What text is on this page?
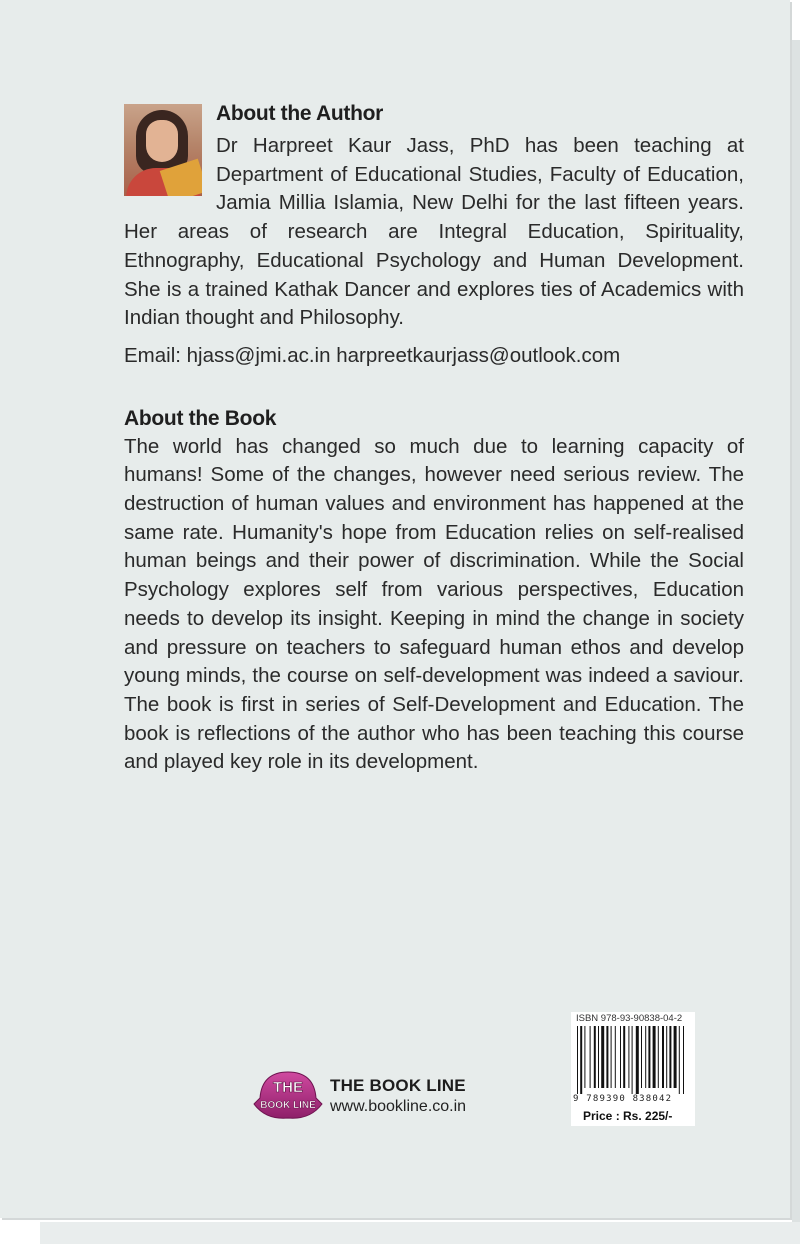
About the Author

Dr Harpreet Kaur Jass, PhD has been teaching at Department of Educational Studies, Faculty of Education, Jamia Millia Islamia, New Delhi for the last fifteen years. Her areas of research are Integral Education, Spirituality, Ethnography, Educational Psychology and Human Development. She is a trained Kathak Dancer and explores ties of Academics with Indian thought and Philosophy.

Email: hjass@jmi.ac.in harpreetkaurjass@outlook.com

About the Book

The world has changed so much due to learning capacity of humans! Some of the changes, however need serious review. The destruction of human values and environment has happened at the same rate. Humanity's hope from Education relies on self-realised human beings and their power of discrimination. While the Social Psychology explores self from various perspectives, Education needs to develop its insight. Keeping in mind the change in society and pressure on teachers to safeguard human ethos and develop young minds, the course on self-development was indeed a saviour. The book is first in series of Self-Development and Education. The book is reflections of the author who has been teaching this course and played key role in its development.

THE
BOOK LINE
THE BOOK LINE
www.bookline.co.in
ISBN 978-93-90838-04-2
9 789390 838042
Price : Rs. 225/-
